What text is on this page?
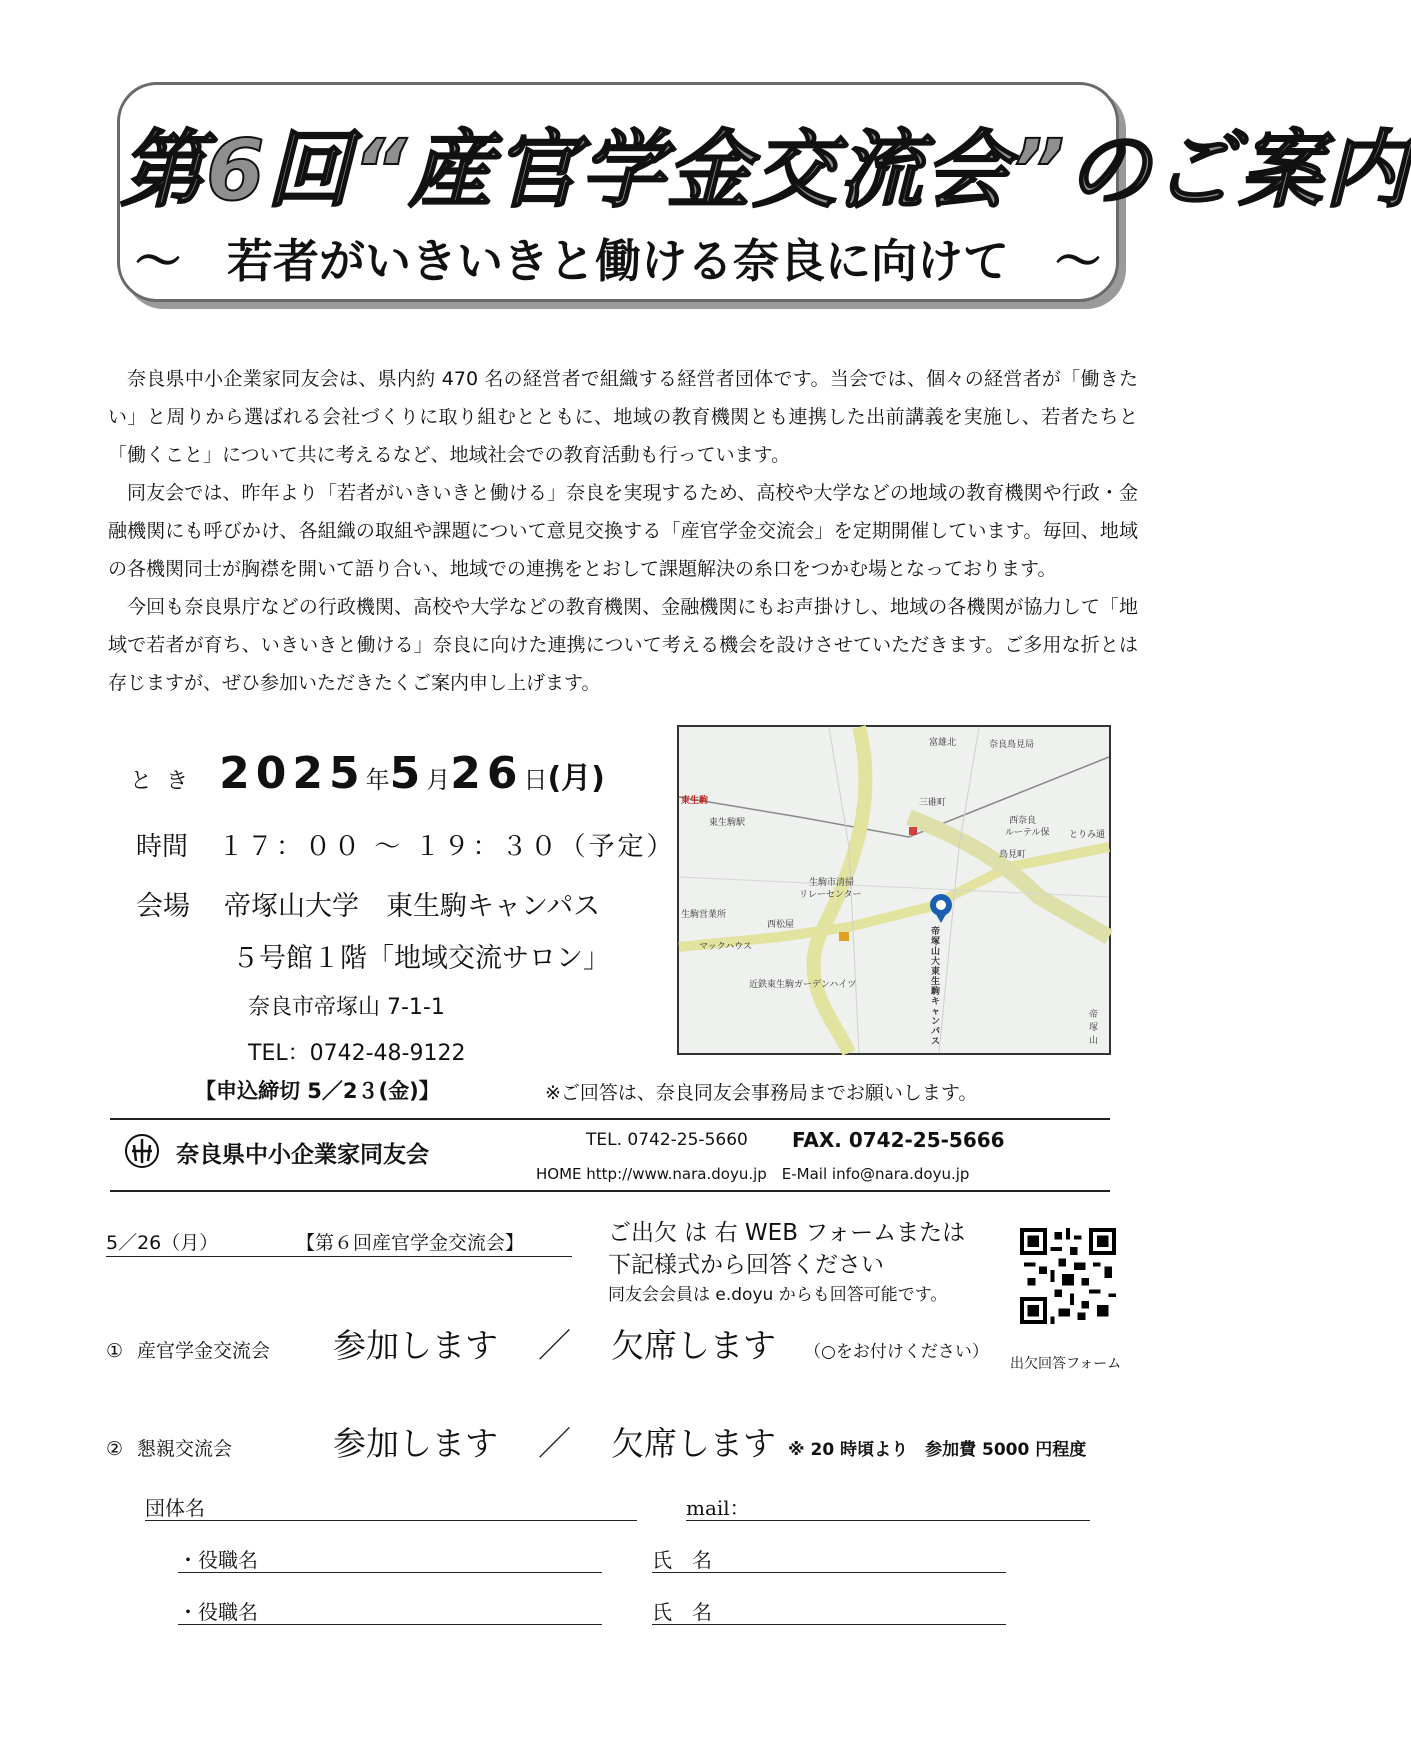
第6回“産官学金交流会”のご案内
～　若者がいきいきと働ける奈良に向けて　～

奈良県中小企業家同友会は、県内約 470 名の経営者で組織する経営者団体です。当会では、個々の経営者が「働きたい」と周りから選ばれる会社づくりに取り組むとともに、地域の教育機関とも連携した出前講義を実施し、若者たちと「働くこと」について共に考えるなど、地域社会での教育活動も行っています。

同友会では、昨年より「若者がいきいきと働ける」奈良を実現するため、高校や大学などの地域の教育機関や行政・金融機関にも呼びかけ、各組織の取組や課題について意見交換する「産官学金交流会」を定期開催しています。毎回、地域の各機関同士が胸襟を開いて語り合い、地域での連携をとおして課題解決の糸口をつかむ場となっております。

今回も奈良県庁などの行政機関、高校や大学などの教育機関、金融機関にもお声掛けし、地域の各機関が協力して「地域で若者が育ち、いきいきと働ける」奈良に向けた連携について考える機会を設けさせていただきます。ご多用な折とは存じますが、ぜひ参加いただきたくご案内申し上げます。

とき 2025年5月26日(月)
時間 １７：００ ～ １９：３０（予定）
会場 帝塚山大学　東生駒キャンパス
５号館１階「地域交流サロン」
奈良市帝塚山 7-1-1
TEL：0742-48-9122
富雄北	奈良鳥見局
東生駒
東生駒駅
三碓町
西奈良
ルーテル保
鳥見町
生駒市清掃
リレーセンター
生駒営業所
西松屋
マックハウス
近鉄東生駒ガーデンハイツ
帝塚山大 東生駒キャンパス
帝塚山
とりみ通
【申込締切 5／2３(金)】	※ご回答は、奈良同友会事務局までお願いします。
奈良県中小企業家同友会
TEL. 0742-25-5660 FAX. 0742-25-5666
HOME http://www.nara.doyu.jp　E-Mail info@nara.doyu.jp
5／26（月）	【第６回産官学金交流会】	ご出欠 は 右 WEB フォームまたは
下記様式から回答ください
同友会会員は e.doyu からも回答可能です。
出欠回答フォーム
① 産官学金交流会 参加します ／ 欠席します （○をお付けください）
② 懇親交流会	参加します ／ 欠席します ※ 20 時頃より　参加費 5000 円程度
団体名	mail：
・役職名	氏　名
・役職名	氏　名
